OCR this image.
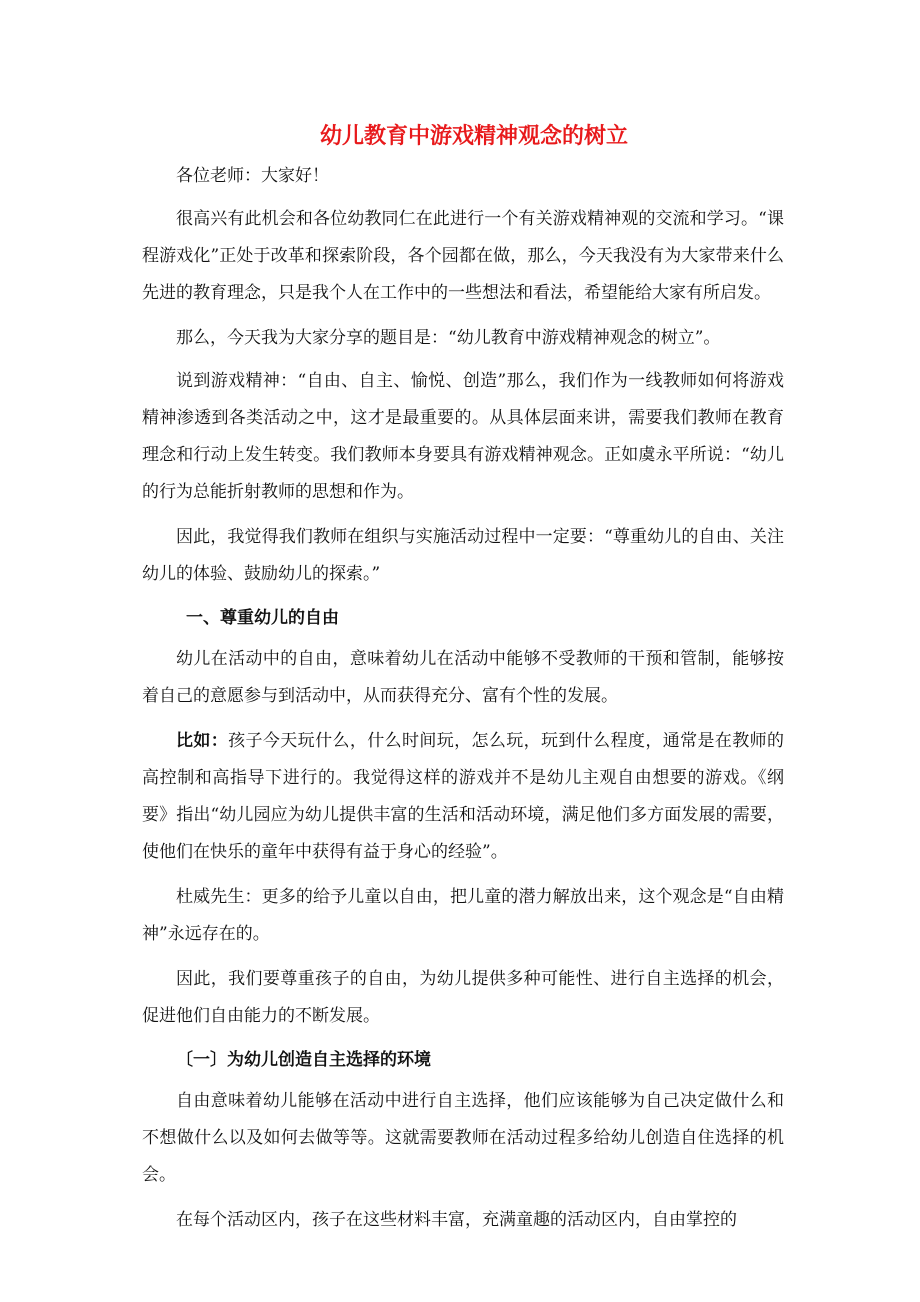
幼儿教育中游戏精神观念的树立

各位老师：大家好！

很高兴有此机会和各位幼教同仁在此进行一个有关游戏精神观的交流和学习。“课程游戏化”正处于改革和探索阶段，各个园都在做，那么，今天我没有为大家带来什么先进的教育理念，只是我个人在工作中的一些想法和看法，希望能给大家有所启发。

那么，今天我为大家分享的题目是：“幼儿教育中游戏精神观念的树立”。

说到游戏精神：“自由、自主、愉悦、创造”那么，我们作为一线教师如何将游戏精神渗透到各类活动之中，这才是最重要的。从具体层面来讲，需要我们教师在教育理念和行动上发生转变。我们教师本身要具有游戏精神观念。正如虞永平所说：“幼儿的行为总能折射教师的思想和作为。

因此，我觉得我们教师在组织与实施活动过程中一定要：“尊重幼儿的自由、关注幼儿的体验、鼓励幼儿的探索。”

一、尊重幼儿的自由

幼儿在活动中的自由，意味着幼儿在活动中能够不受教师的干预和管制，能够按着自己的意愿参与到活动中，从而获得充分、富有个性的发展。

比如：孩子今天玩什么，什么时间玩，怎么玩，玩到什么程度，通常是在教师的高控制和高指导下进行的。我觉得这样的游戏并不是幼儿主观自由想要的游戏。《纲要》指出“幼儿园应为幼儿提供丰富的生活和活动环境，满足他们多方面发展的需要，使他们在快乐的童年中获得有益于身心的经验”。

杜威先生：更多的给予儿童以自由，把儿童的潜力解放出来，这个观念是“自由精神”永远存在的。

因此，我们要尊重孩子的自由，为幼儿提供多种可能性、进行自主选择的机会，促进他们自由能力的不断发展。

〔一〕为幼儿创造自主选择的环境

自由意味着幼儿能够在活动中进行自主选择，他们应该能够为自己决定做什么和不想做什么以及如何去做等等。这就需要教师在活动过程多给幼儿创造自住选择的机会。

在每个活动区内，孩子在这些材料丰富，充满童趣的活动区内，自由掌控的
